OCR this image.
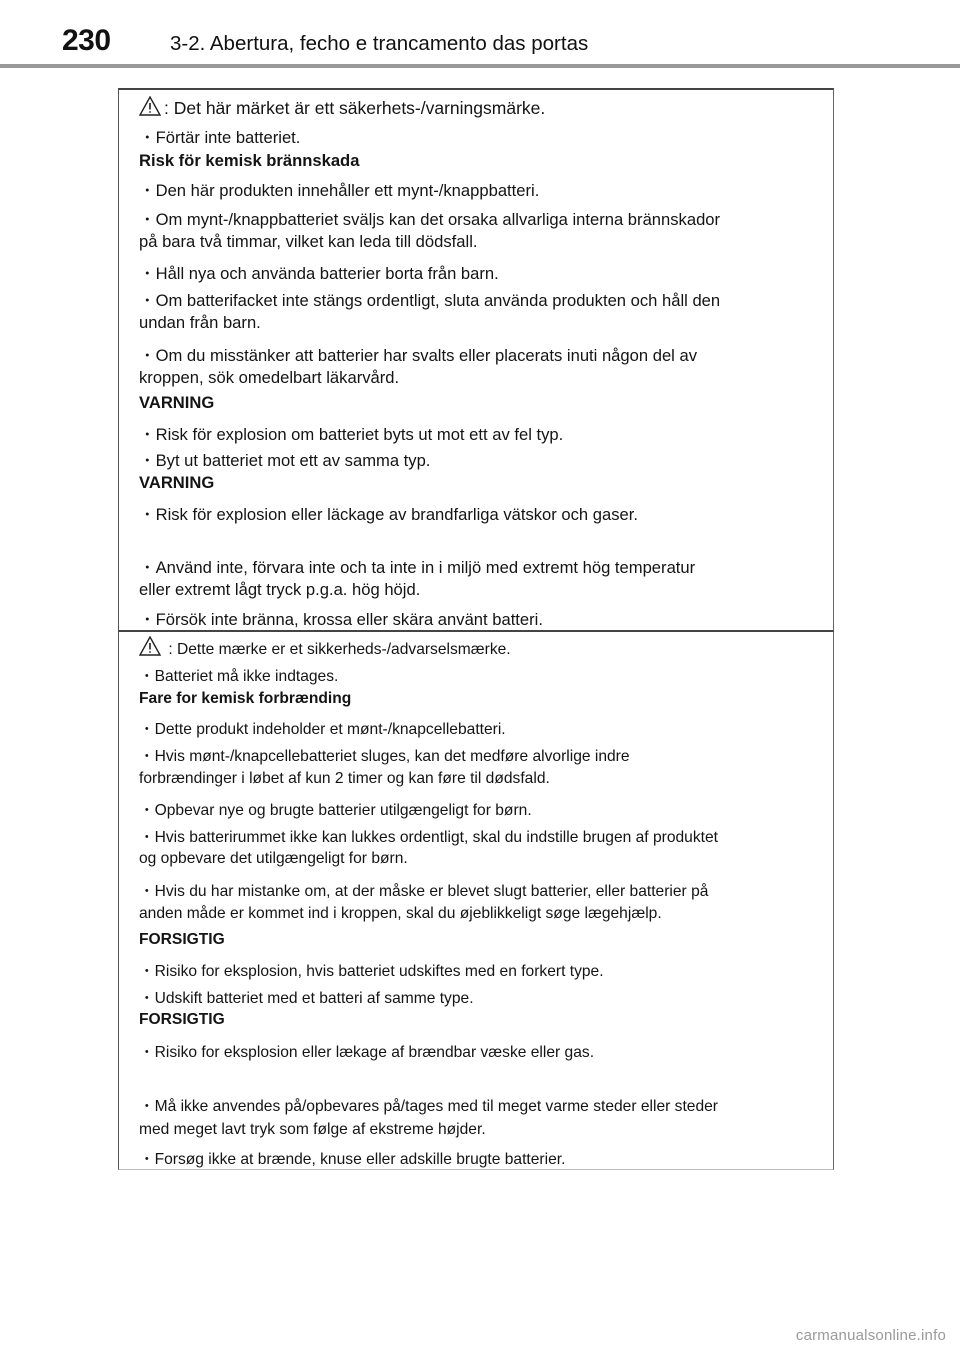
230	3-2. Abertura, fecho e trancamento das portas
: Det här märket är ett säkerhets-/varningsmärke.
・Förtär inte batteriet.
Risk för kemisk brännskada
・Den här produkten innehåller ett mynt-/knappbatteri.
・Om mynt-/knappbatteriet sväljs kan det orsaka allvarliga interna brännskador
på bara två timmar, vilket kan leda till dödsfall.
・Håll nya och använda batterier borta från barn.
・Om batterifacket inte stängs ordentligt, sluta använda produkten och håll den
undan från barn.
・Om du misstänker att batterier har svalts eller placerats inuti någon del av
kroppen, sök omedelbart läkarvård.
VARNING
・Risk för explosion om batteriet byts ut mot ett av fel typ.
・Byt ut batteriet mot ett av samma typ.
VARNING
・Risk för explosion eller läckage av brandfarliga vätskor och gaser.
・Använd inte, förvara inte och ta inte in i miljö med extremt hög temperatur
eller extremt lågt tryck p.g.a. hög höjd.
・Försök inte bränna, krossa eller skära använt batteri.
: Dette mærke er et sikkerheds-/advarselsmærke.
・Batteriet må ikke indtages.
Fare for kemisk forbrænding
・Dette produkt indeholder et mønt-/knapcellebatteri.
・Hvis mønt-/knapcellebatteriet sluges, kan det medføre alvorlige indre
forbrændinger i løbet af kun 2 timer og kan føre til dødsfald.
・Opbevar nye og brugte batterier utilgængeligt for børn.
・Hvis batterirummet ikke kan lukkes ordentligt, skal du indstille brugen af produktet
og opbevare det utilgængeligt for børn.
・Hvis du har mistanke om, at der måske er blevet slugt batterier, eller batterier på
anden måde er kommet ind i kroppen, skal du øjeblikkeligt søge lægehjælp.
FORSIGTIG
・Risiko for eksplosion, hvis batteriet udskiftes med en forkert type.
・Udskift batteriet med et batteri af samme type.
FORSIGTIG
・Risiko for eksplosion eller lækage af brændbar væske eller gas.
・Må ikke anvendes på/opbevares på/tages med til meget varme steder eller steder
med meget lavt tryk som følge af ekstreme højder.
・Forsøg ikke at brænde, knuse eller adskille brugte batterier.
carmanualsonline.info
